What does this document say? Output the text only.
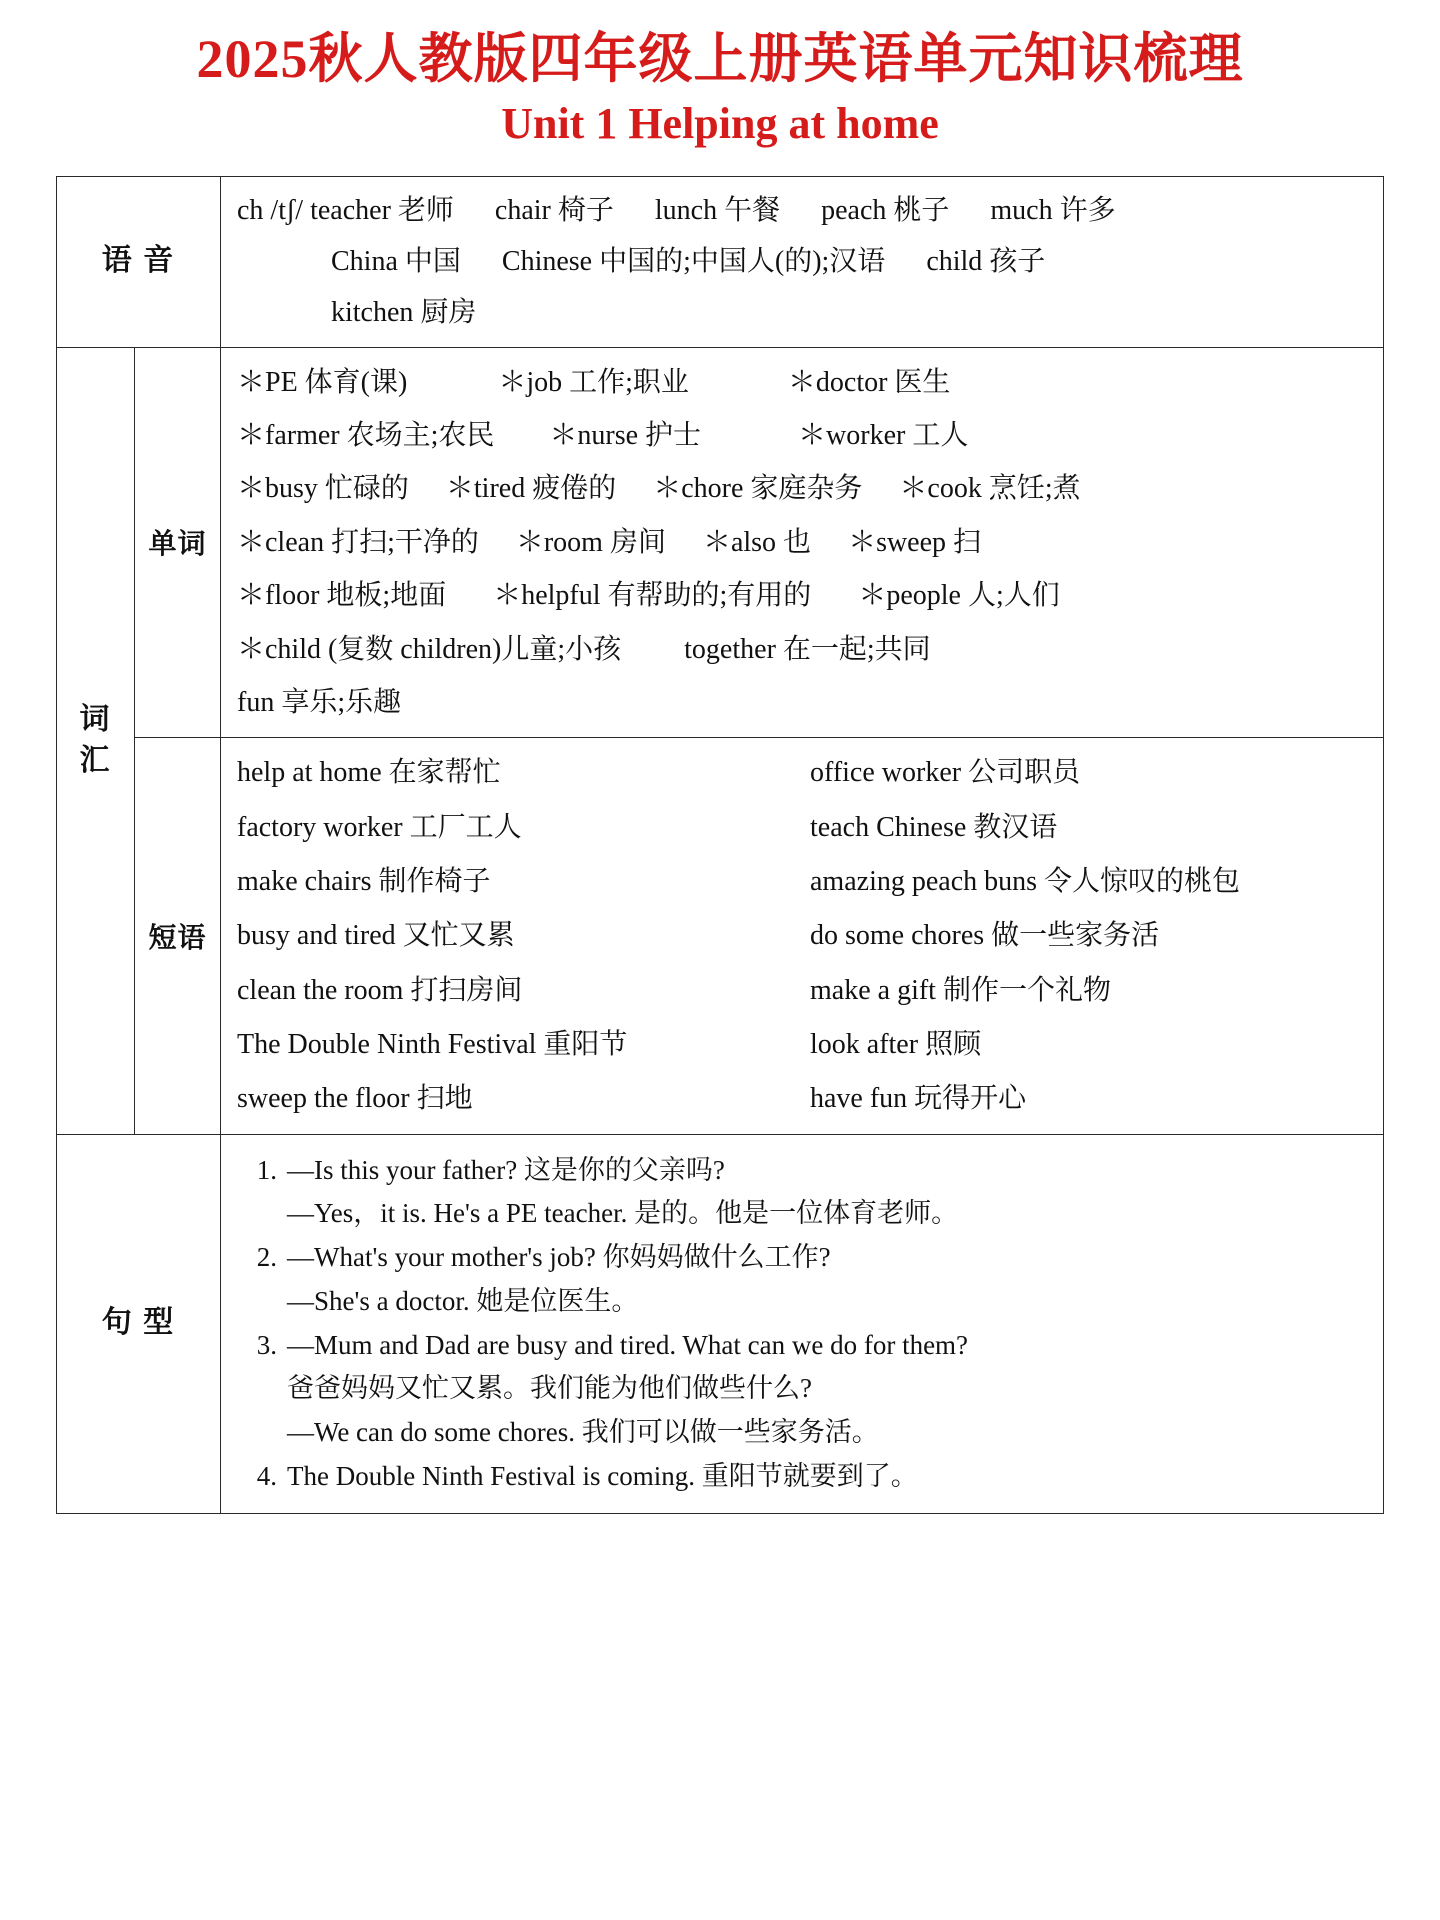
2025秋人教版四年级上册英语单元知识梳理
Unit 1 Helping at home
语 音		ch /tʃ/ teacher 老师 chair 椅子 lunch 午餐 peach 桃子 much 许多
China 中国 Chinese 中国的;中国人(的);汉语 child 孩子
kitchen 厨房

词 汇	单词	
＊PE 体育(课)	＊job 工作;职业	＊doctor 医生
＊farmer 农场主;农民 ＊nurse 护士	＊worker 工人
＊busy 忙碌的 ＊tired 疲倦的 ＊chore 家庭杂务 ＊cook 烹饪;煮
＊clean 打扫;干净的 ＊room 房间 ＊also 也 ＊sweep 扫
＊floor 地板;地面 ＊helpful 有帮助的;有用的 ＊people 人;人们
＊child (复数 children)儿童;小孩 together 在一起;共同
fun 享乐;乐趣

短语	
help at home 在家帮忙	office worker 公司职员
factory worker 工厂工人	teach Chinese 教汉语
make chairs 制作椅子	amazing peach buns 令人惊叹的桃包
busy and tired 又忙又累	do some chores 做一些家务活
clean the room 打扫房间	make a gift 制作一个礼物
The Double Ninth Festival 重阳节	look after 照顾
sweep the floor 扫地	have fun 玩得开心

句 型	
1. —Is this your father? 这是你的父亲吗?
—Yes，it is. He's a PE teacher. 是的。他是一位体育老师。
2. —What's your mother's job? 你妈妈做什么工作?
—She's a doctor. 她是位医生。
3. —Mum and Dad are busy and tired. What can we do for them?
爸爸妈妈又忙又累。我们能为他们做些什么?
—We can do some chores. 我们可以做一些家务活。
4. The Double Ninth Festival is coming. 重阳节就要到了。
